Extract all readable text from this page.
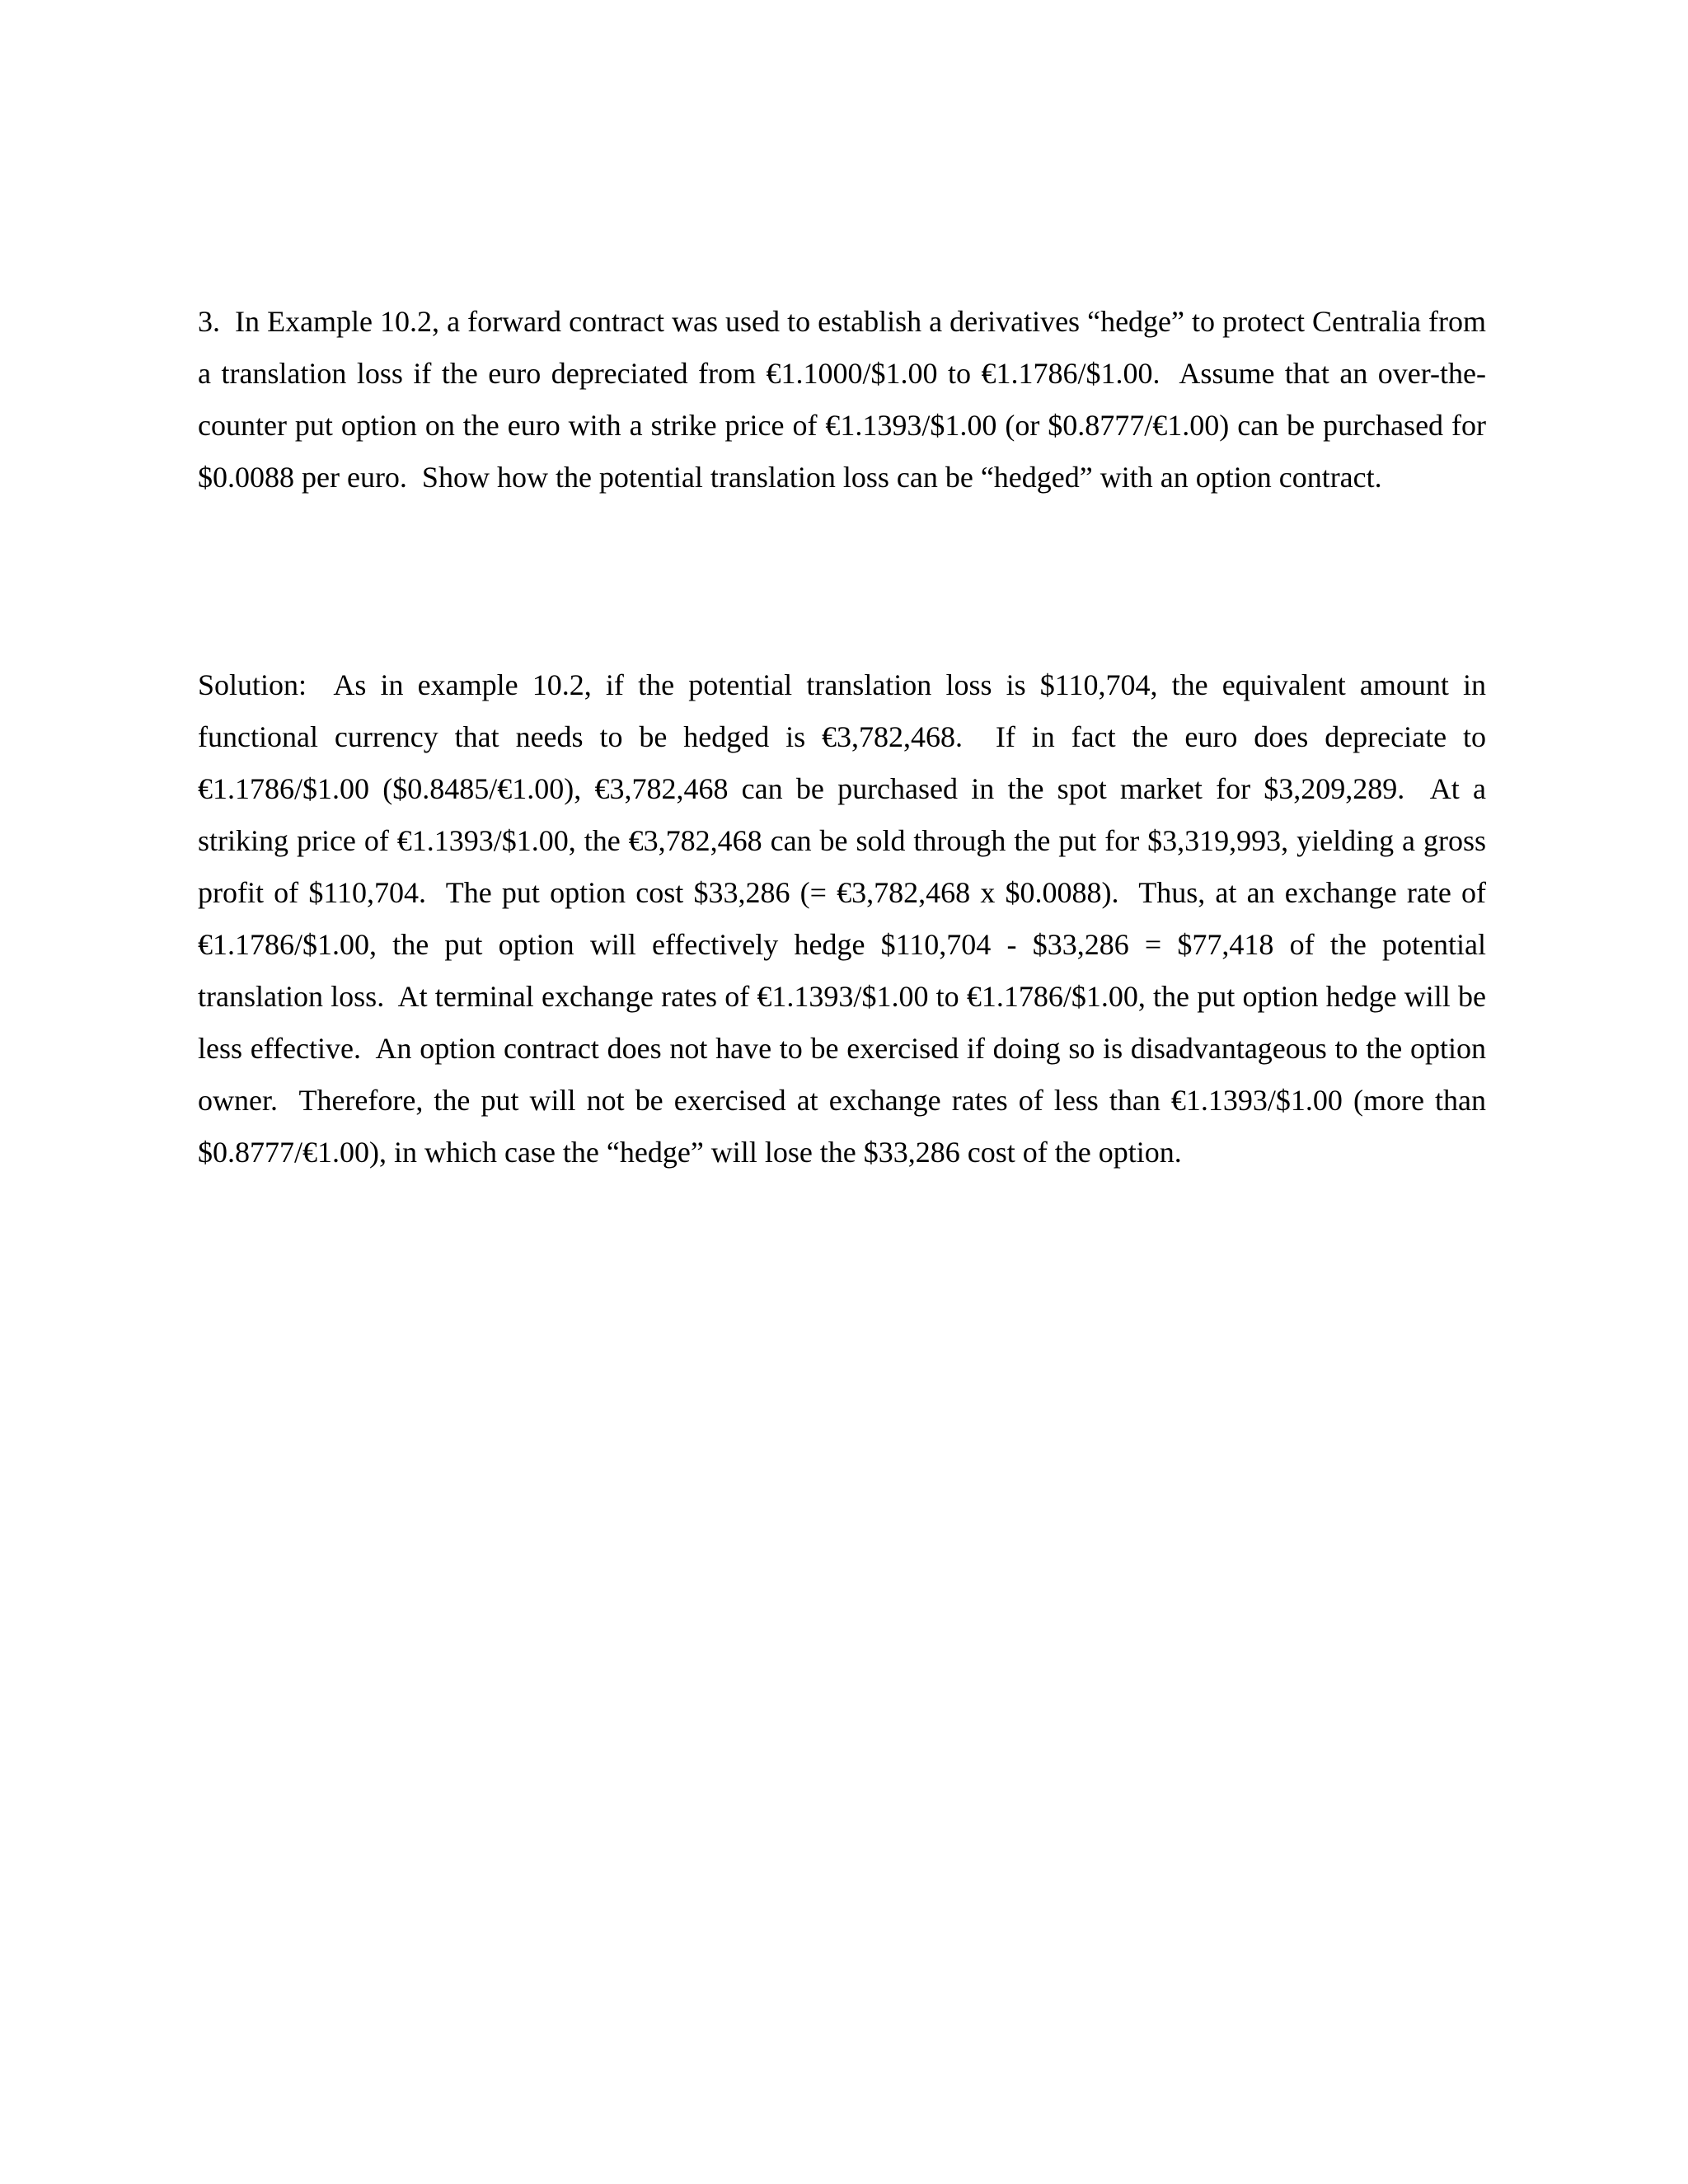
3.  In Example 10.2, a forward contract was used to establish a derivatives “hedge” to protect Centralia from a translation loss if the euro depreciated from €1.1000/$1.00 to €1.1786/$1.00.  Assume that an over-the-counter put option on the euro with a strike price of €1.1393/$1.00 (or $0.8777/€1.00) can be purchased for $0.0088 per euro.  Show how the potential translation loss can be “hedged” with an option contract.

Solution:  As in example 10.2, if the potential translation loss is $110,704, the equivalent amount in functional currency that needs to be hedged is €3,782,468.  If in fact the euro does depreciate to €1.1786/$1.00 ($0.8485/€1.00), €3,782,468 can be purchased in the spot market for $3,209,289.  At a striking price of €1.1393/$1.00, the €3,782,468 can be sold through the put for $3,319,993, yielding a gross profit of $110,704.  The put option cost $33,286 (= €3,782,468 x $0.0088).  Thus, at an exchange rate of €1.1786/$1.00, the put option will effectively hedge $110,704 - $33,286 = $77,418 of the potential translation loss.  At terminal exchange rates of €1.1393/$1.00 to €1.1786/$1.00, the put option hedge will be less effective.  An option contract does not have to be exercised if doing so is disadvantageous to the option owner.  Therefore, the put will not be exercised at exchange rates of less than €1.1393/$1.00 (more than $0.8777/€1.00), in which case the “hedge” will lose the $33,286 cost of the option.
